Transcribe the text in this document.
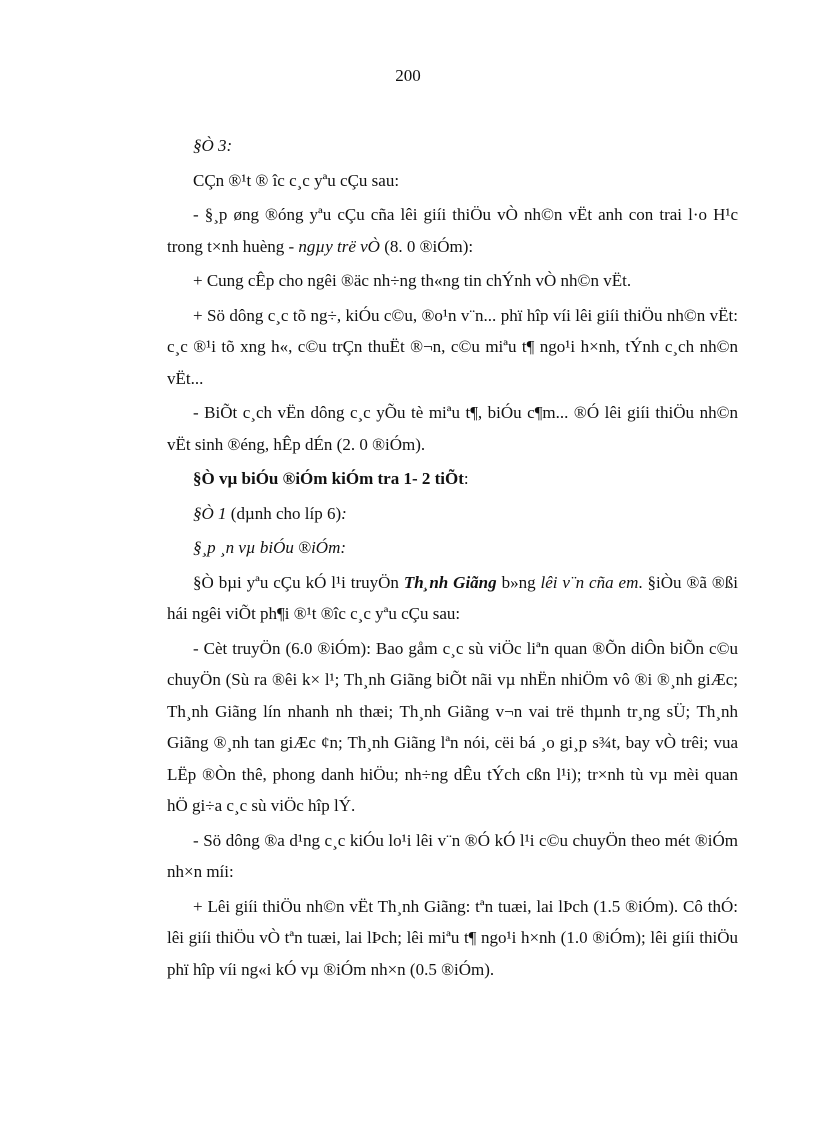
200

§Ò 3:

CÇn ®¹t ® îc c¸c yªu cÇu sau:

- §¸p øng ®óng yªu cÇu cña lêi giíi thiÖu vÒ nh©n vËt anh con trai l·o H¹c trong t×nh huèng - ngµy trë vÒ (8. 0 ®iÓm):

+ Cung cÊp cho ngêi ®äc nh÷ng th«ng tin chÝnh vÒ nh©n vËt.

+ Sö dông c¸c tõ ng÷, kiÓu c©u, ®o¹n v¨n... phï hîp víi lêi giíi thiÖu nh©n vËt: c¸c ®¹i tõ xng h«, c©u trÇn thuËt ®¬n, c©u miªu t¶ ngo¹i h×nh, tÝnh c¸ch nh©n vËt...

- BiÕt c¸ch vËn dông c¸c yÕu tè miªu t¶, biÓu c¶m... ®Ó lêi giíi thiÖu nh©n vËt sinh ®éng, hÊp dÉn (2. 0 ®iÓm).

§Ò vµ biÓu ®iÓm kiÓm tra 1- 2 tiÕt:

§Ò 1 (dµnh cho líp 6):

§¸p ¸n vµ biÓu ®iÓm:

§Ò bµi yªu cÇu kÓ l¹i truyÖn Th¸nh Giãng b»ng lêi v¨n cña em. §iÒu ®ã ®ßi hái ngêi viÕt ph¶i ®¹t ®îc c¸c yªu cÇu sau:

- Cèt truyÖn (6.0 ®iÓm): Bao gåm c¸c sù viÖc liªn quan ®Õn diÔn biÕn c©u chuyÖn (Sù ra ®êi k× l¹; Th¸nh Giãng biÕt nãi vµ nhËn nhiÖm vô ®i ®¸nh giÆc; Th¸nh Giãng lín nhanh nh thæi; Th¸nh Giãng v¬n vai trë thµnh tr¸ng sÜ; Th¸nh Giãng ®¸nh tan giÆc ¢n; Th¸nh Giãng lªn nói, cëi bá ¸o gi¸p s¾t, bay vÒ trêi; vua LËp ®Òn thê, phong danh hiÖu; nh÷ng dÊu tÝch cßn l¹i); tr×nh tù vµ mèi quan hÖ gi÷a c¸c sù viÖc hîp lÝ.

- Sö dông ®a d¹ng c¸c kiÓu lo¹i lêi v¨n ®Ó kÓ l¹i c©u chuyÖn theo mét ®iÓm nh×n míi:

+ Lêi giíi thiÖu nh©n vËt Th¸nh Giãng: tªn tuæi, lai lÞch (1.5 ®iÓm). Cô thÓ: lêi giíi thiÖu vÒ tªn tuæi, lai lÞch; lêi miªu t¶ ngo¹i h×nh (1.0 ®iÓm); lêi giíi thiÖu phï hîp víi ng«i kÓ vµ ®iÓm nh×n (0.5 ®iÓm).
